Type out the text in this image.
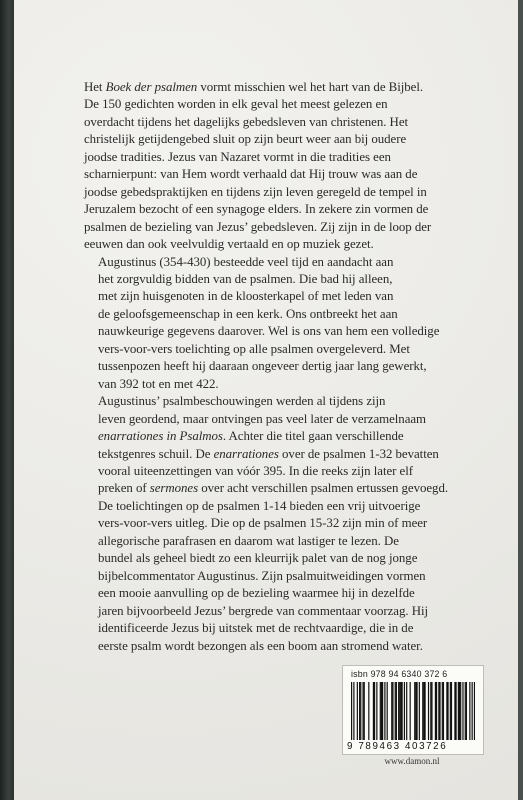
Het Boek der psalmen vormt misschien wel het hart van de Bijbel.
De 150 gedichten worden in elk geval het meest gelezen en
overdacht tijdens het dagelijks gebedsleven van christenen. Het
christelijk getijdengebed sluit op zijn beurt weer aan bij oudere
joodse tradities. Jezus van Nazaret vormt in die tradities een
scharnierpunt: van Hem wordt verhaald dat Hij trouw was aan de
joodse gebedspraktijken en tijdens zijn leven geregeld de tempel in
Jeruzalem bezocht of een synagoge elders. In zekere zin vormen de
psalmen de bezieling van Jezus’ gebedsleven. Zij zijn in de loop der
eeuwen dan ook veelvuldig vertaald en op muziek gezet.

Augustinus (354-430) besteedde veel tijd en aandacht aan
het zorgvuldig bidden van de psalmen. Die bad hij alleen,
met zijn huisgenoten in de kloosterkapel of met leden van
de geloofsgemeenschap in een kerk. Ons ontbreekt het aan
nauwkeurige gegevens daarover. Wel is ons van hem een volledige
vers-voor-vers toelichting op alle psalmen overgeleverd. Met
tussenpozen heeft hij daaraan ongeveer dertig jaar lang gewerkt,
van 392 tot en met 422.

Augustinus’ psalmbeschouwingen werden al tijdens zijn
leven geordend, maar ontvingen pas veel later de verzamelnaam
enarrationes in Psalmos. Achter die titel gaan verschillende
tekstgenres schuil. De enarrationes over de psalmen 1-32 bevatten
vooral uiteenzettingen van vóór 395. In die reeks zijn later elf
preken of sermones over acht verschillen psalmen ertussen gevoegd.
De toelichtingen op de psalmen 1-14 bieden een vrij uitvoerige
vers-voor-vers uitleg. Die op de psalmen 15-32 zijn min of meer
allegorische parafrasen en daarom wat lastiger te lezen. De
bundel als geheel biedt zo een kleurrijk palet van de nog jonge
bijbelcommentator Augustinus. Zijn psalmuitweidingen vormen
een mooie aanvulling op de bezieling waarmee hij in dezelfde
jaren bijvoorbeeld Jezus’ bergrede van commentaar voorzag. Hij
identificeerde Jezus bij uitstek met de rechtvaardige, die in de
eerste psalm wordt bezongen als een boom aan stromend water.

isbn 978 94 6340 372 6
9 789463 403726
www.damon.nl
